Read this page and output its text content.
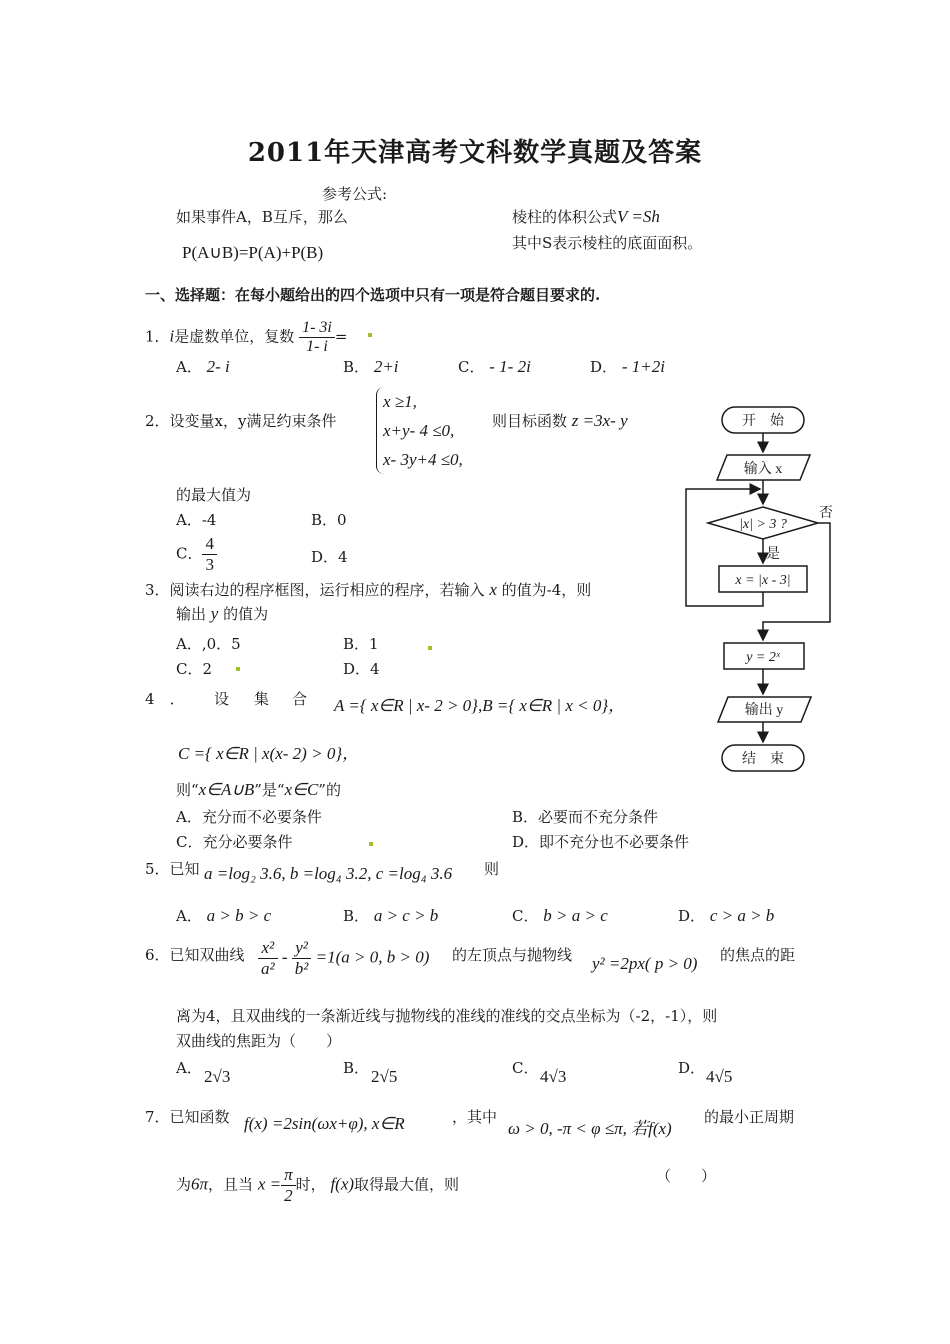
2011年天津高考文科数学真题及答案
参考公式:
如果事件A，B互斥，那么
P(A∪B)=P(A)+P(B)
棱柱的体积公式V =Sh
其中S表示棱柱的底面面积。
一、选择题：在每小题给出的四个选项中只有一项是符合题目要求的.
1．i是虚数单位，复数 $\frac{1- 3i}{1- i}$ =
A． 2- i	B． 2+i	C． - 1- 2i	D． - 1+2i
2．设变量x，y满足约束条件
x ≥1,
x+y- 4 ≤0,
x- 3y+4 ≤0,
则目标函数 z =3x- y
的最大值为
A．-4	B．0
C． $\frac{4}{3}$	D．4
3．阅读右边的程序框图，运行相应的程序，若输入 x 的值为-4，则
输出 y 的值为
A．,0．5	B．1
C．2	D．4
4　 ． 设 集 合 A ={ x∈R | x- 2 > 0},B ={ x∈R | x < 0}，
C ={ x∈R | x(x- 2) > 0}，
则“x∈A∪B”是“x∈C”的
A．充分而不必要条件	B．必要而不充分条件
C．充分必要条件	D．即不充分也不必要条件
5．已知 a =log₂ 3.6, b =log₄ 3.2, c =log₄ 3.6 则
A． a > b > c	B． a > c > b	C． b > a > c	D． c > a > b
6．已知双曲线 $\frac{\text{x²}}{\text{a²}} - \frac{\text{y²}}{\text{b²}} =1(a > 0$, b > 0) 的左顶点与抛物线 y² =2px( p > 0) 的焦点的距
离为4，且双曲线的一条渐近线与抛物线的准线的准线的交点坐标为（-2，-1），则
双曲线的焦距为（　　）
A． 2√3	B． 2√5	C． 4√3	D． 4√5
7．已知函数 f(x) =2sin(ωx+φ), x∈R	，其中
ω > 0, -π < φ ≤π, 若f(x)
的最小正周期
为6π，且当 $x = \frac{\pi}{2}$ 时， f(x)取得最大值，则	（　　）
开　始
输入 x
|x| > 3 ?
否
是
x = |x - 3|
y = 2ˣ
输出 y
结　束
